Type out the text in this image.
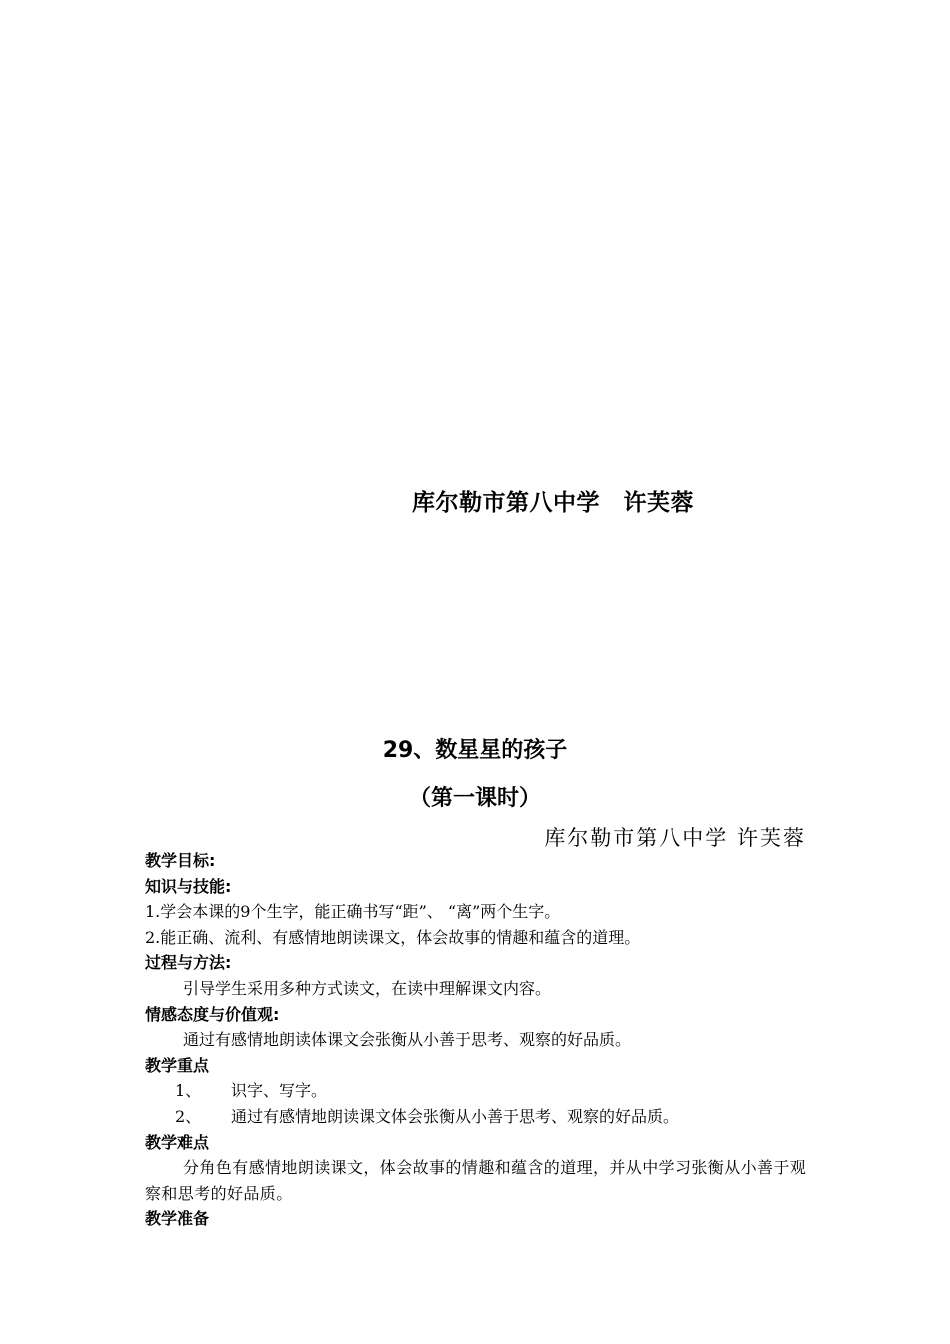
库尔勒市第八中学　许芙蓉
29、数星星的孩子
（第一课时）
库尔勒市第八中学 许芙蓉
教学目标:
知识与技能:
1.学会本课的9个生字，能正确书写“距”、 “离”两个生字。
2.能正确、流利、有感情地朗读课文，体会故事的情趣和蕴含的道理。
过程与方法:
引导学生采用多种方式读文，在读中理解课文内容。
情感态度与价值观:
通过有感情地朗读体课文会张衡从小善于思考、观察的好品质。
教学重点
1、 识字、写字。
2、 通过有感情地朗读课文体会张衡从小善于思考、观察的好品质。
教学难点
分角色有感情地朗读课文，体会故事的情趣和蕴含的道理，并从中学习张衡从小善于观察和思考的好品质。
教学准备
